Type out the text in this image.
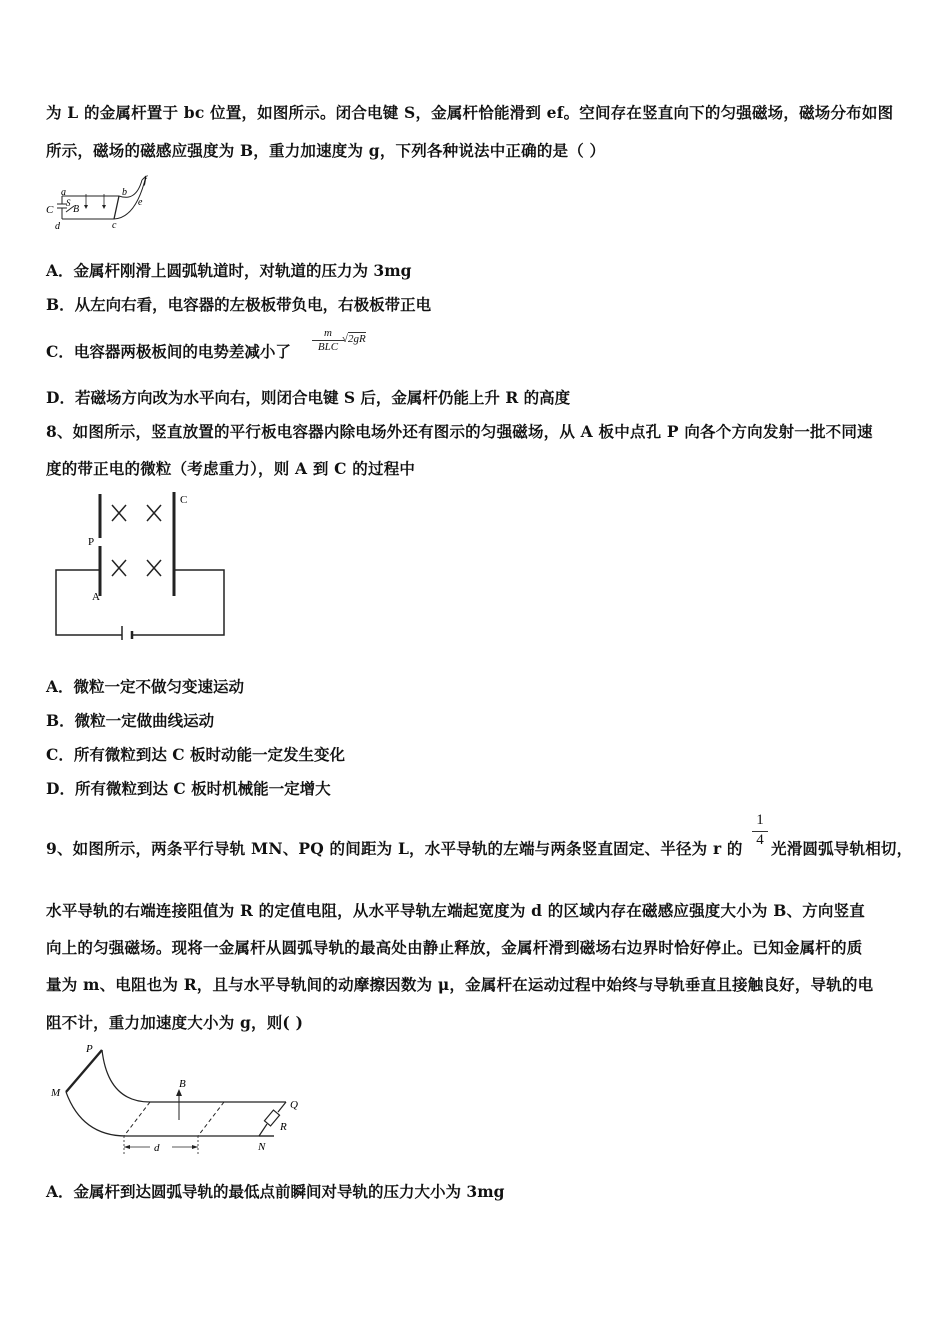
为 L 的金属杆置于 bc 位置，如图所示。闭合电键 S，金属杆恰能滑到 ef。空间存在竖直向下的匀强磁场，磁场分布如图
所示，磁场的磁感应强度为 B，重力加速度为 g，下列各种说法中正确的是（ ）
a	b
c
d
e
f
C
S
B
A．金属杆刚滑上圆弧轨道时，对轨道的压力为 3mg
B．从左向右看，电容器的左极板带负电，右极板带正电
C．电容器两极板间的电势差减小了
m
BLC
√2gR
D．若磁场方向改为水平向右，则闭合电键 S 后，金属杆仍能上升 R 的高度
8、如图所示，竖直放置的平行板电容器内除电场外还有图示的匀强磁场，从 A 板中点孔 P 向各个方向发射一批不同速
度的带正电的微粒（考虑重力），则 A 到 C 的过程中
P
A
C
A．微粒一定不做匀变速运动
B．微粒一定做曲线运动
C．所有微粒到达 C 板时动能一定发生变化
D．所有微粒到达 C 板时机械能一定增大
9、如图所示，两条平行导轨 MN、PQ 的间距为 L，水平导轨的左端与两条竖直固定、半径为 r 的
1
4 光滑圆弧导轨相切，
水平导轨的右端连接阻值为 R 的定值电阻，从水平导轨左端起宽度为 d 的区域内存在磁感应强度大小为 B、方向竖直
向上的匀强磁场。现将一金属杆从圆弧导轨的最高处由静止释放，金属杆滑到磁场右边界时恰好停止。已知金属杆的质
量为 m、电阻也为 R，且与水平导轨间的动摩擦因数为 μ，金属杆在运动过程中始终与导轨垂直且接触良好，导轨的电
阻不计，重力加速度大小为 g，则( )
P
M
B
Q
R
N
d
A．金属杆到达圆弧导轨的最低点前瞬间对导轨的压力大小为 3mg
